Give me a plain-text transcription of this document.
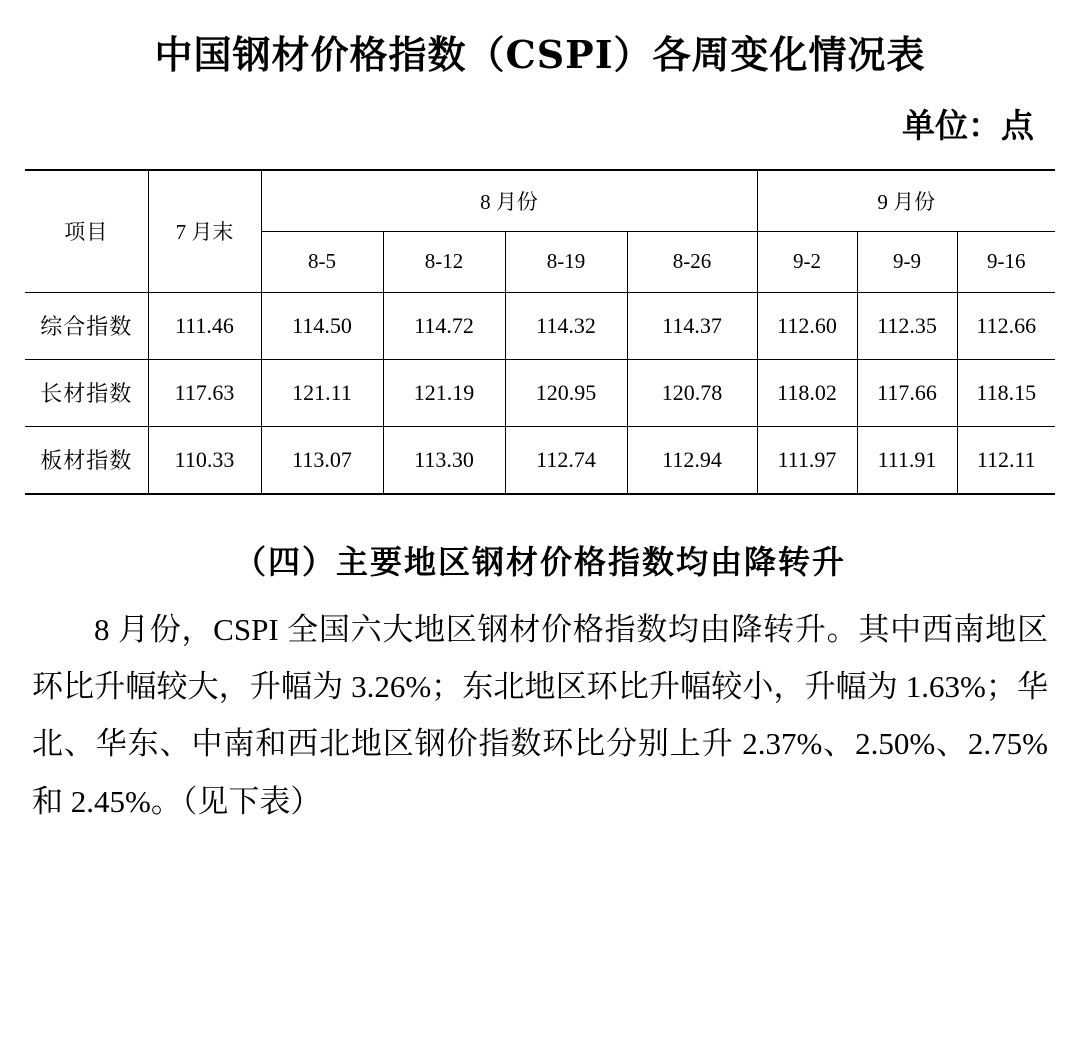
中国钢材价格指数（CSPI）各周变化情况表
单位：点
项目	7 月末	8 月份				9 月份		
		8-5	8-12	8-19	8-26	9-2	9-9	9-16
综合指数	111.46	114.50	114.72	114.32	114.37	112.60	112.35	112.66
长材指数	117.63	121.11	121.19	120.95	120.78	118.02	117.66	118.15
板材指数	110.33	113.07	113.30	112.74	112.94	111.97	111.91	112.11
（四）主要地区钢材价格指数均由降转升
8 月份，CSPI 全国六大地区钢材价格指数均由降转升。其中西南地区环比升幅较大，升幅为 3.26%；东北地区环比升幅较小，升幅为 1.63%；华北、华东、中南和西北地区钢价指数环比分别上升 2.37%、2.50%、2.75%和 2.45%。（见下表）
